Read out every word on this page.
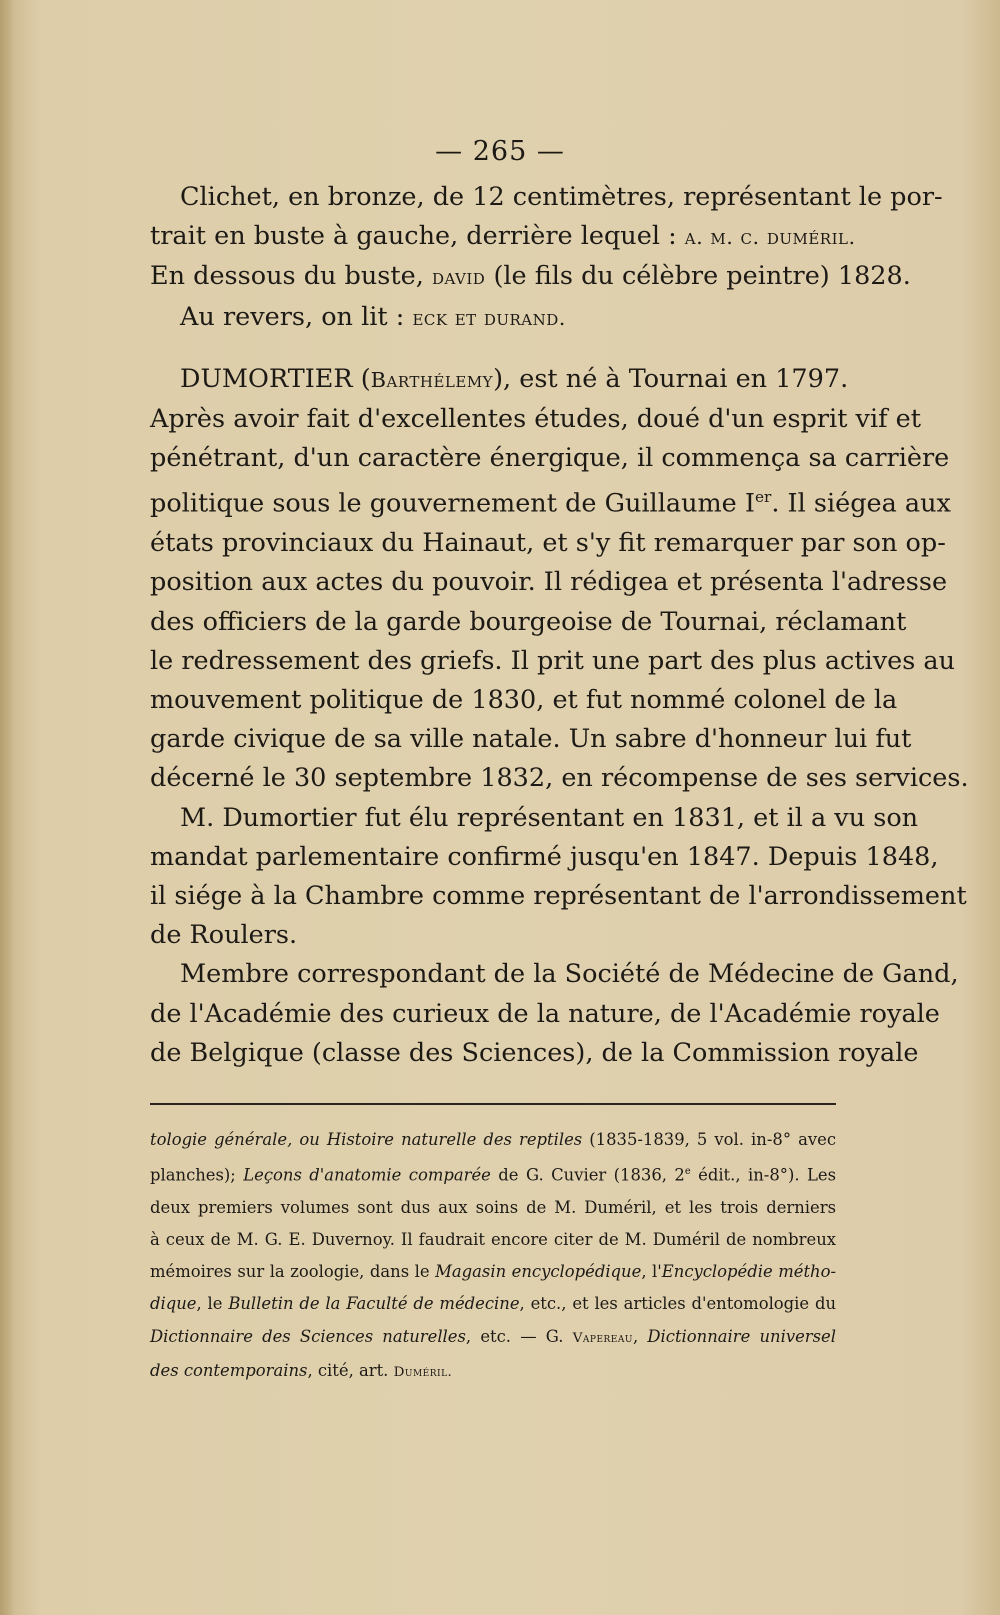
— 265 —
Clichet, en bronze, de 12 centimètres, représentant le por-
trait en buste à gauche, derrière lequel : a. m. c. duméril.
En dessous du buste, david (le fils du célèbre peintre) 1828.
Au revers, on lit : eck et durand.
DUMORTIER (Barthélemy), est né à Tournai en 1797.
Après avoir fait d'excellentes études, doué d'un esprit vif et
pénétrant, d'un caractère énergique, il commença sa carrière
politique sous le gouvernement de Guillaume Ier. Il siégea aux
états provinciaux du Hainaut, et s'y fit remarquer par son op-
position aux actes du pouvoir. Il rédigea et présenta l'adresse
des officiers de la garde bourgeoise de Tournai, réclamant
le redressement des griefs. Il prit une part des plus actives au
mouvement politique de 1830, et fut nommé colonel de la
garde civique de sa ville natale. Un sabre d'honneur lui fut
décerné le 30 septembre 1832, en récompense de ses services.
M. Dumortier fut élu représentant en 1831, et il a vu son
mandat parlementaire confirmé jusqu'en 1847. Depuis 1848,
il siége à la Chambre comme représentant de l'arrondissement
de Roulers.
Membre correspondant de la Société de Médecine de Gand,
de l'Académie des curieux de la nature, de l'Académie royale
de Belgique (classe des Sciences), de la Commission royale
tologie générale, ou Histoire naturelle des reptiles (1835-1839, 5 vol. in-8° avec
planches); Leçons d'anatomie comparée de G. Cuvier (1836, 2e édit., in-8°). Les
deux premiers volumes sont dus aux soins de M. Duméril, et les trois derniers
à ceux de M. G. E. Duvernoy. Il faudrait encore citer de M. Duméril de nombreux
mémoires sur la zoologie, dans le Magasin encyclopédique, l'Encyclopédie métho-
dique, le Bulletin de la Faculté de médecine, etc., et les articles d'entomologie du
Dictionnaire des Sciences naturelles, etc. — G. Vapereau, Dictionnaire universel
des contemporains, cité, art. Duméril.
